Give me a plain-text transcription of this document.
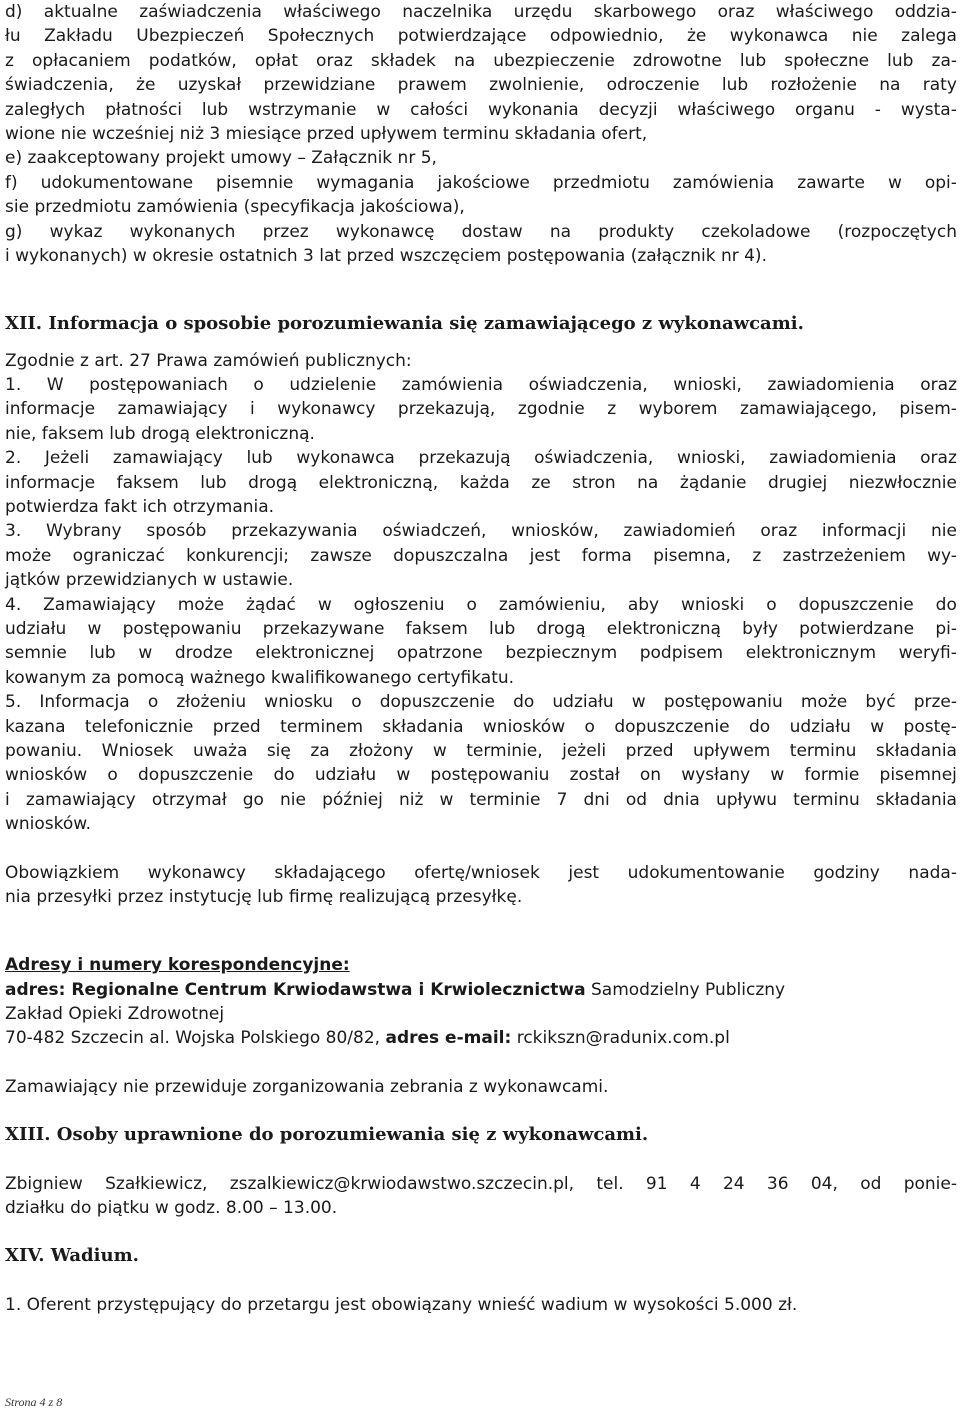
d) aktualne zaświadczenia właściwego naczelnika urzędu skarbowego oraz właściwego oddzia-
łu Zakładu Ubezpieczeń Społecznych potwierdzające odpowiednio, że wykonawca nie zalega
z opłacaniem podatków, opłat oraz składek na ubezpieczenie zdrowotne lub społeczne lub za-
świadczenia, że uzyskał przewidziane prawem zwolnienie, odroczenie lub rozłożenie na raty
zaległych płatności lub wstrzymanie w całości wykonania decyzji właściwego organu - wysta-
wione nie wcześniej niż 3 miesiące przed upływem terminu składania ofert,
e) zaakceptowany projekt umowy – Załącznik nr 5,
f) udokumentowane pisemnie wymagania jakościowe przedmiotu zamówienia zawarte w opi-
sie przedmiotu zamówienia (specyfikacja jakościowa),
g) wykaz wykonanych przez wykonawcę dostaw na produkty czekoladowe (rozpoczętych
i wykonanych) w okresie ostatnich 3 lat przed wszczęciem postępowania (załącznik nr 4).
XII. Informacja o sposobie porozumiewania się zamawiającego z wykonawcami.
Zgodnie z art. 27 Prawa zamówień publicznych:
1. W postępowaniach o udzielenie zamówienia oświadczenia, wnioski, zawiadomienia oraz
informacje zamawiający i wykonawcy przekazują, zgodnie z wyborem zamawiającego, pisem-
nie, faksem lub drogą elektroniczną.
2. Jeżeli zamawiający lub wykonawca przekazują oświadczenia, wnioski, zawiadomienia oraz
informacje faksem lub drogą elektroniczną, każda ze stron na żądanie drugiej niezwłocznie
potwierdza fakt ich otrzymania.
3. Wybrany sposób przekazywania oświadczeń, wniosków, zawiadomień oraz informacji nie
może ograniczać konkurencji; zawsze dopuszczalna jest forma pisemna, z zastrzeżeniem wy-
jątków przewidzianych w ustawie.
4. Zamawiający może żądać w ogłoszeniu o zamówieniu, aby wnioski o dopuszczenie do
udziału w postępowaniu przekazywane faksem lub drogą elektroniczną były potwierdzane pi-
semnie lub w drodze elektronicznej opatrzone bezpiecznym podpisem elektronicznym weryfi-
kowanym za pomocą ważnego kwalifikowanego certyfikatu.
5. Informacja o złożeniu wniosku o dopuszczenie do udziału w postępowaniu może być prze-
kazana telefonicznie przed terminem składania wniosków o dopuszczenie do udziału w postę-
powaniu. Wniosek uważa się za złożony w terminie, jeżeli przed upływem terminu składania
wniosków o dopuszczenie do udziału w postępowaniu został on wysłany w formie pisemnej
i zamawiający otrzymał go nie później niż w terminie 7 dni od dnia upływu terminu składania
wniosków.
Obowiązkiem wykonawcy składającego ofertę/wniosek jest udokumentowanie godziny nada-
nia przesyłki przez instytucję lub firmę realizującą przesyłkę.
Adresy i numery korespondencyjne:
adres: Regionalne Centrum Krwiodawstwa i Krwiolecznictwa Samodzielny Publiczny
Zakład Opieki Zdrowotnej
70-482 Szczecin al. Wojska Polskiego 80/82, adres e-mail: rckikszn@radunix.com.pl
Zamawiający nie przewiduje zorganizowania zebrania z wykonawcami.
XIII. Osoby uprawnione do porozumiewania się z wykonawcami.
Zbigniew Szałkiewicz, zszalkiewicz@krwiodawstwo.szczecin.pl, tel. 91 4 24 36 04, od ponie-
działku do piątku w godz. 8.00 – 13.00.
XIV. Wadium.
1. Oferent przystępujący do przetargu jest obowiązany wnieść wadium w wysokości 5.000 zł.
Strona 4 z 8
